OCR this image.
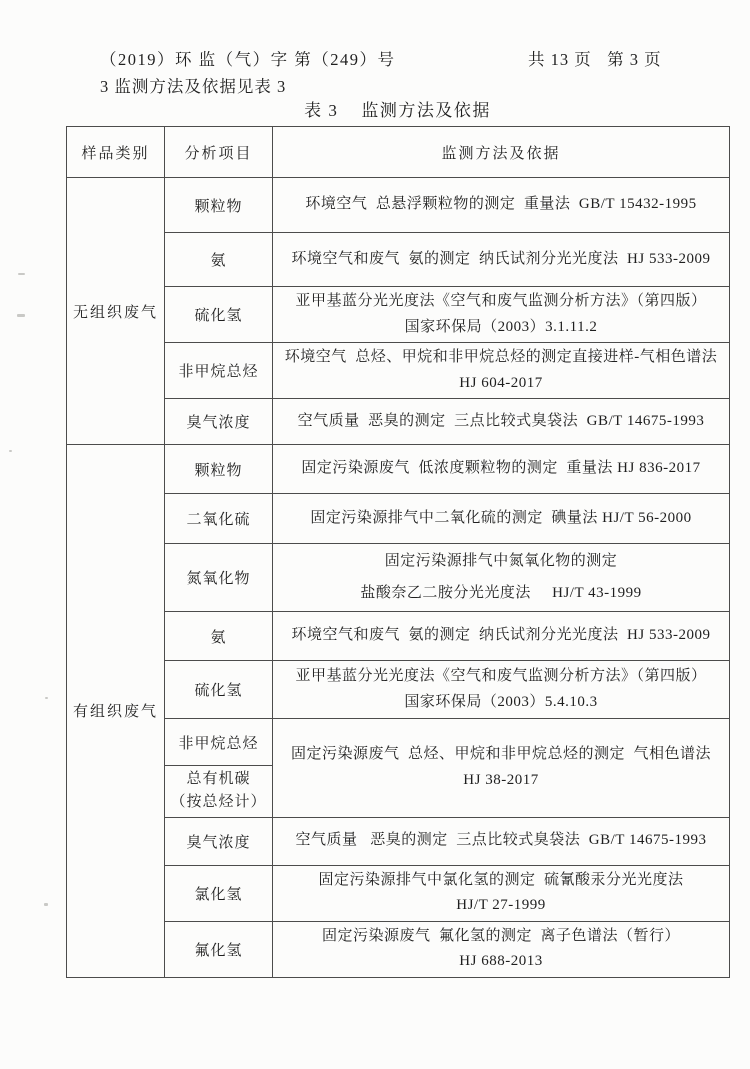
（2019）环 监（气）字 第（249）号	共 13 页   第 3 页
3 监测方法及依据见表 3
表 3    监测方法及依据
样品类别	分析项目	监测方法及依据
无组织废气	颗粒物	环境空气  总悬浮颗粒物的测定  重量法  GB/T 15432-1995

	氨	环境空气和废气  氨的测定  纳氏试剂分光光度法  HJ 533-2009

	硫化氢	亚甲基蓝分光光度法《空气和废气监测分析方法》（第四版）
国家环保局（2003）3.1.11.2

	非甲烷总烃	环境空气  总烃、甲烷和非甲烷总烃的测定直接进样-气相色谱法
HJ 604-2017

	臭气浓度	空气质量  恶臭的测定  三点比较式臭袋法  GB/T 14675-1993

有组织废气	颗粒物	固定污染源废气  低浓度颗粒物的测定  重量法 HJ 836-2017

	二氧化硫	固定污染源排气中二氧化硫的测定  碘量法 HJ/T 56-2000

	氮氧化物	固定污染源排气中氮氧化物的测定
盐酸奈乙二胺分光光度法     HJ/T 43-1999

	氨	环境空气和废气  氨的测定  纳氏试剂分光光度法  HJ 533-2009

	硫化氢	亚甲基蓝分光光度法《空气和废气监测分析方法》（第四版）
国家环保局（2003）5.4.10.3

	非甲烷总烃	固定污染源废气  总烃、甲烷和非甲烷总烃的测定  气相色谱法
HJ 38-2017

	总有机碳
（按总烃计）	

	臭气浓度	空气质量   恶臭的测定  三点比较式臭袋法  GB/T 14675-1993

	氯化氢	固定污染源排气中氯化氢的测定  硫氰酸汞分光光度法
HJ/T 27-1999

	氟化氢	固定污染源废气  氟化氢的测定  离子色谱法（暂行）
HJ 688-2013
